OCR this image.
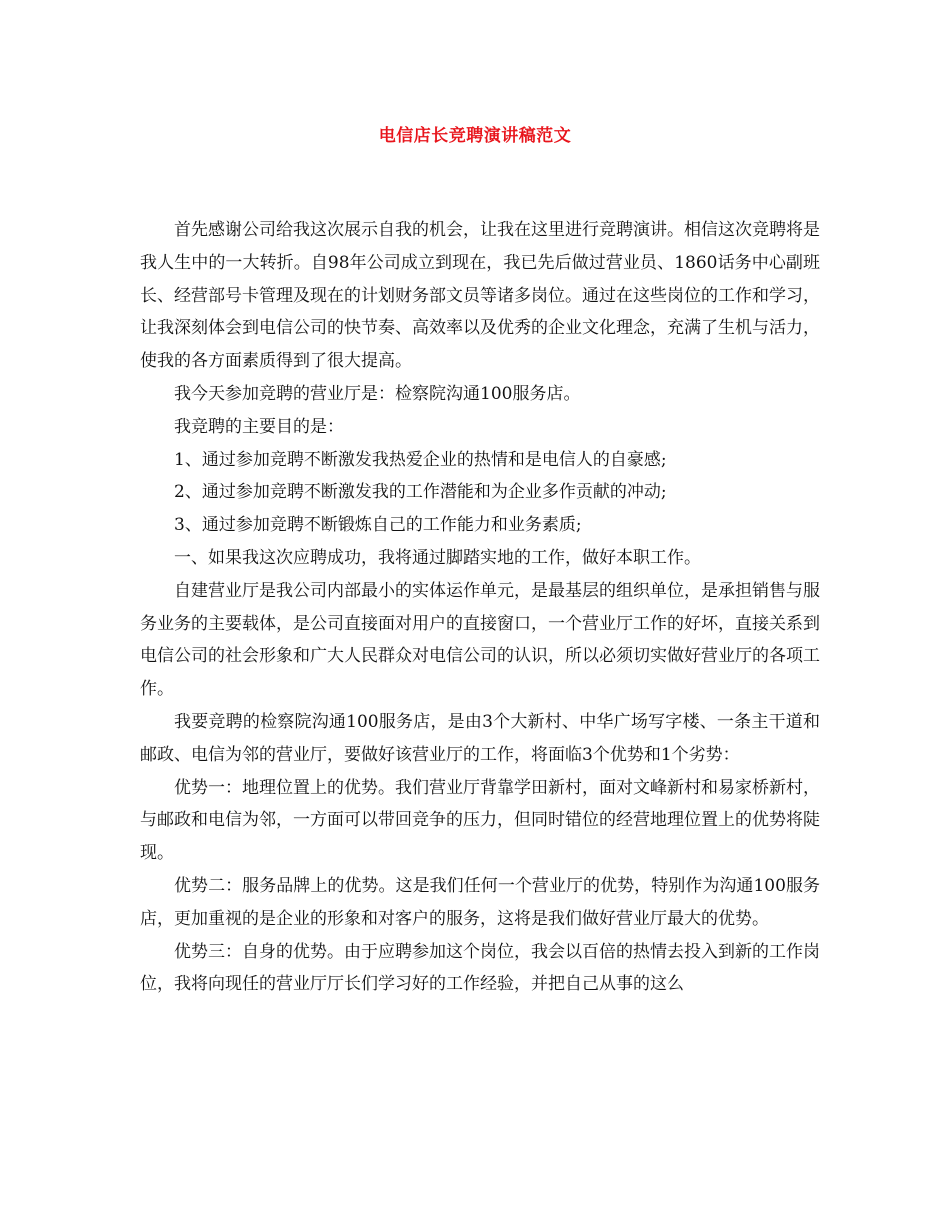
电信店长竞聘演讲稿范文

首先感谢公司给我这次展示自我的机会，让我在这里进行竞聘演讲。相信这次竞聘将是我人生中的一大转折。自98年公司成立到现在，我已先后做过营业员、1860话务中心副班长、经营部号卡管理及现在的计划财务部文员等诸多岗位。通过在这些岗位的工作和学习，让我深刻体会到电信公司的快节奏、高效率以及优秀的企业文化理念，充满了生机与活力，使我的各方面素质得到了很大提高。

我今天参加竞聘的营业厅是：检察院沟通100服务店。

我竞聘的主要目的是：

1、通过参加竞聘不断激发我热爱企业的热情和是电信人的自豪感;

2、通过参加竞聘不断激发我的工作潜能和为企业多作贡献的冲动;

3、通过参加竞聘不断锻炼自己的工作能力和业务素质;

一、如果我这次应聘成功，我将通过脚踏实地的工作，做好本职工作。

自建营业厅是我公司内部最小的实体运作单元，是最基层的组织单位，是承担销售与服务业务的主要载体，是公司直接面对用户的直接窗口，一个营业厅工作的好坏，直接关系到电信公司的社会形象和广大人民群众对电信公司的认识，所以必须切实做好营业厅的各项工作。

我要竞聘的检察院沟通100服务店，是由3个大新村、中华广场写字楼、一条主干道和邮政、电信为邻的营业厅，要做好该营业厅的工作，将面临3个优势和1个劣势：

优势一：地理位置上的优势。我们营业厅背靠学田新村，面对文峰新村和易家桥新村，与邮政和电信为邻，一方面可以带回竞争的压力，但同时错位的经营地理位置上的优势将陡现。

优势二：服务品牌上的优势。这是我们任何一个营业厅的优势，特别作为沟通100服务店，更加重视的是企业的形象和对客户的服务，这将是我们做好营业厅最大的优势。

优势三：自身的优势。由于应聘参加这个岗位，我会以百倍的热情去投入到新的工作岗位，我将向现任的营业厅厅长们学习好的工作经验，并把自己从事的这么
